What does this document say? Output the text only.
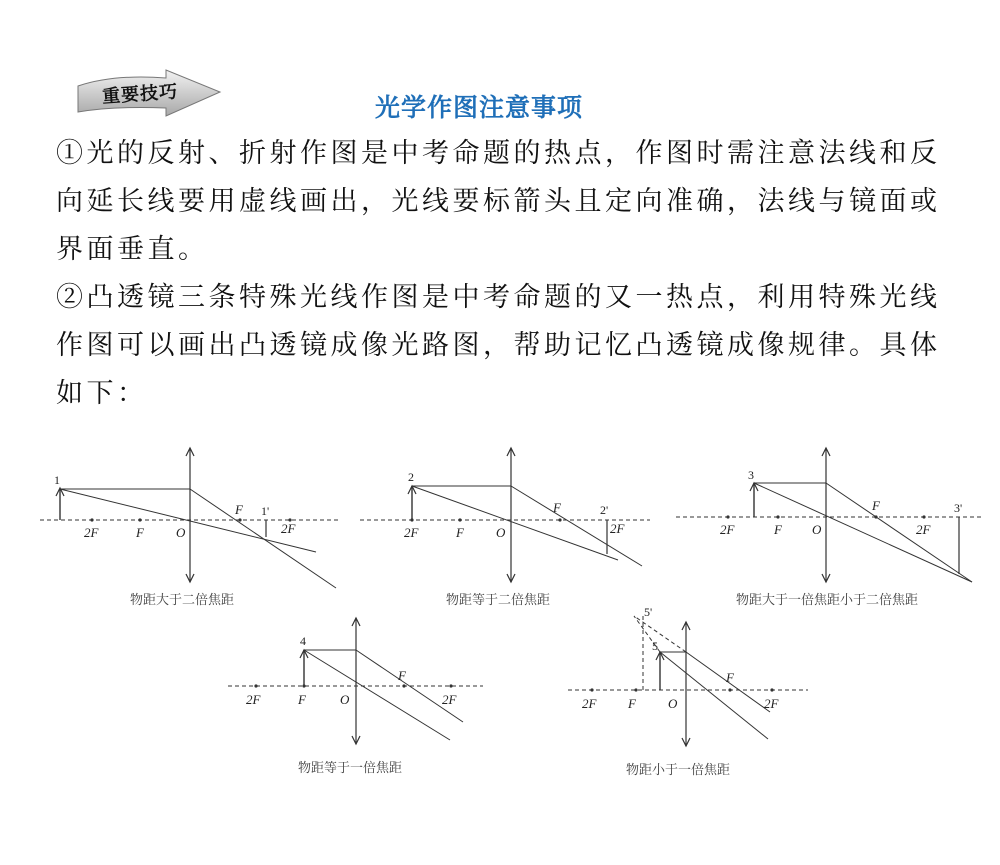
重要技巧	光学作图注意事项
①光的反射、折射作图是中考命题的热点，作图时需注意法线和反向延长线要用虚线画出，光线要标箭头且定向准确，法线与镜面或界面垂直。
②凸透镜三条特殊光线作图是中考命题的又一热点，利用特殊光线作图可以画出凸透镜成像光路图，帮助记忆凸透镜成像规律。具体如下：
1
1'
2F	F O
F
2F
物距大于二倍焦距
2
2'
2F	F O
F
2F
物距等于二倍焦距
3
3'
2F	F O
F
2F
物距大于一倍焦距小于二倍焦距
4
2F	F	O
F
2F
物距等于一倍焦距
5
5'
2F F O
F
2F
物距小于一倍焦距
